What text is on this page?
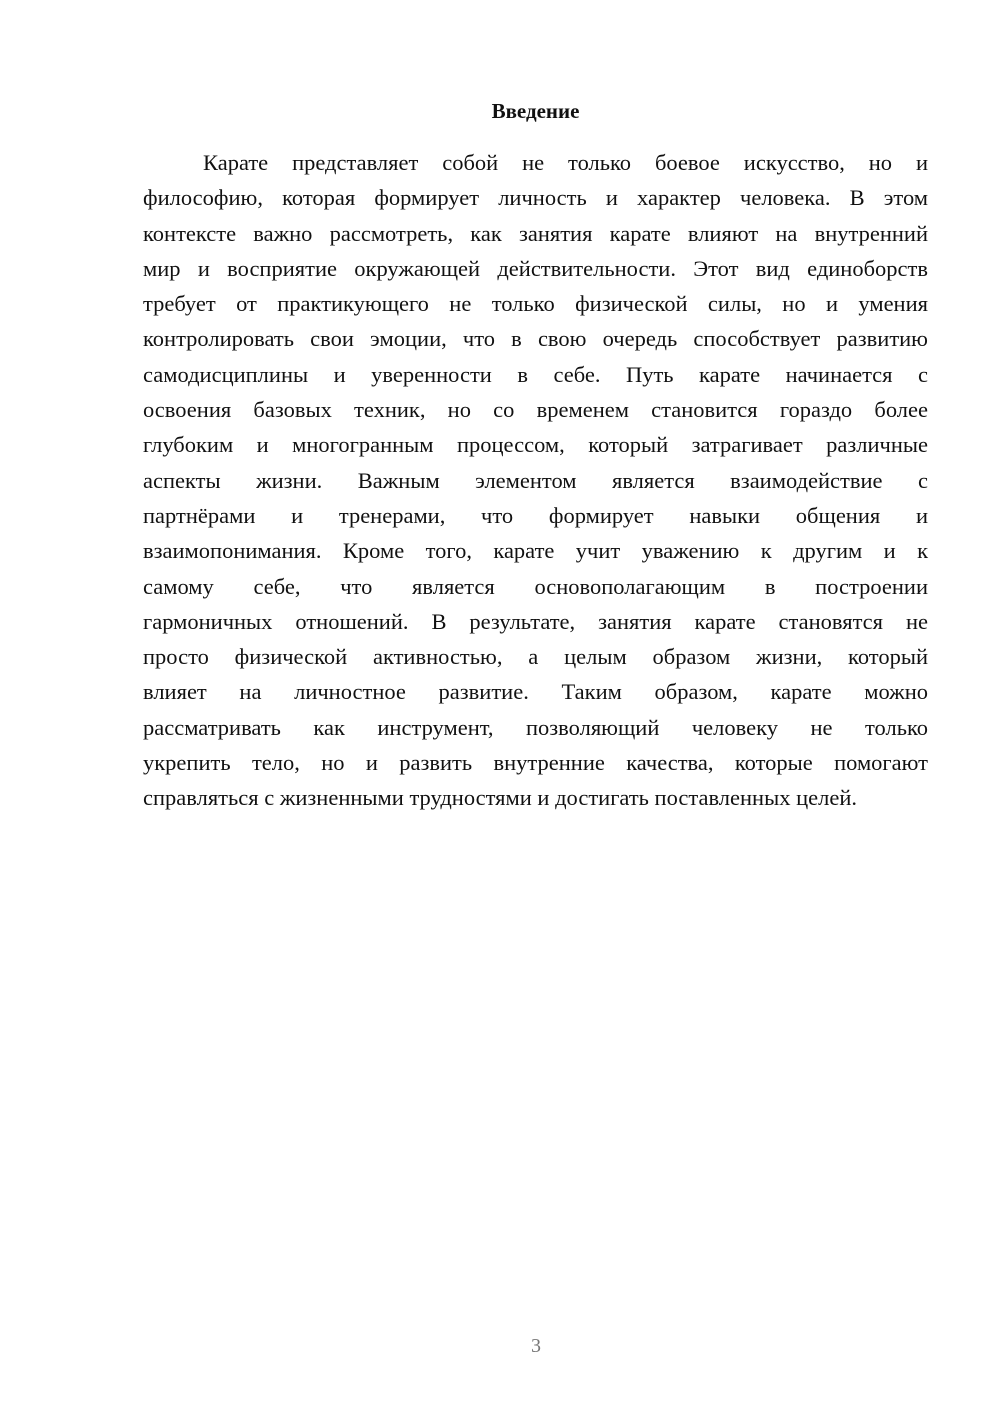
Введение
Карате представляет собой не только боевое искусство, но и
философию, которая формирует личность и характер человека. В этом
контексте важно рассмотреть, как занятия карате влияют на внутренний
мир и восприятие окружающей действительности. Этот вид единоборств
требует от практикующего не только физической силы, но и умения
контролировать свои эмоции, что в свою очередь способствует развитию
самодисциплины и уверенности в себе. Путь карате начинается с
освоения базовых техник, но со временем становится гораздо более
глубоким и многогранным процессом, который затрагивает различные
аспекты жизни. Важным элементом является взаимодействие с
партнёрами и тренерами, что формирует навыки общения и
взаимопонимания. Кроме того, карате учит уважению к другим и к
самому себе, что является основополагающим в построении
гармоничных отношений. В результате, занятия карате становятся не
просто физической активностью, а целым образом жизни, который
влияет на личностное развитие. Таким образом, карате можно
рассматривать как инструмент, позволяющий человеку не только
укрепить тело, но и развить внутренние качества, которые помогают
справляться с жизненными трудностями и достигать поставленных целей.
3
